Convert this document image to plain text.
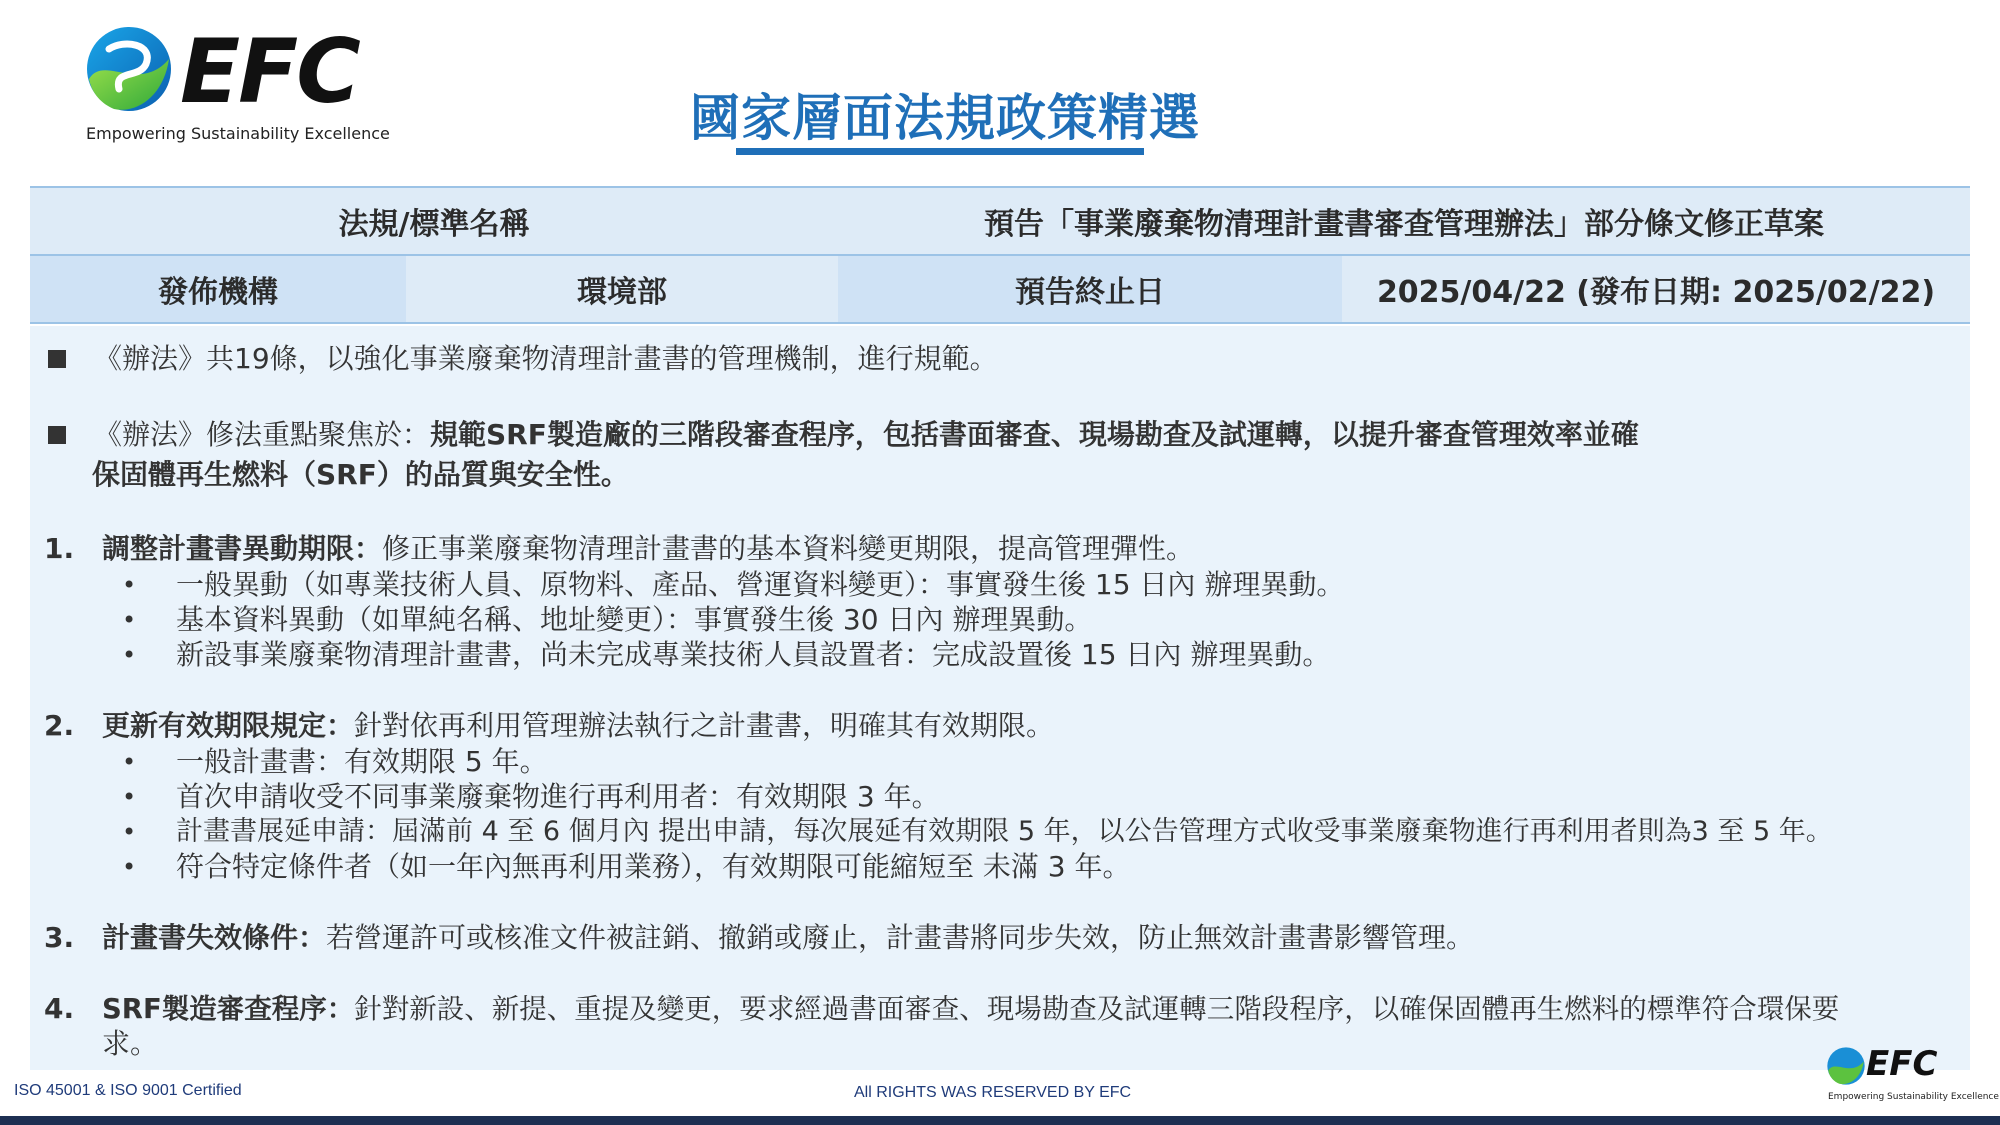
EFC
Empowering Sustainability Excellence	國家層面法規政策精選
法規/標準名稱	預告「事業廢棄物清理計畫書審查管理辦法」部分條文修正草案
發佈機構	環境部	預告終止日	2025/04/22 (發布日期: 2025/02/22)
《辦法》共19條，以強化事業廢棄物清理計畫書的管理機制，進行規範。
《辦法》修法重點聚焦於：規範SRF製造廠的三階段審查程序，包括書面審查、現場勘查及試運轉，以提升審查管理效率並確
保固體再生燃料（SRF）的品質與安全性。
1. 調整計畫書異動期限：修正事業廢棄物清理計畫書的基本資料變更期限，提高管理彈性。
• 一般異動（如專業技術人員、原物料、產品、營運資料變更）：事實發生後 15 日內 辦理異動。
• 基本資料異動（如單純名稱、地址變更）：事實發生後 30 日內 辦理異動。
• 新設事業廢棄物清理計畫書，尚未完成專業技術人員設置者：完成設置後 15 日內 辦理異動。
2. 更新有效期限規定：針對依再利用管理辦法執行之計畫書，明確其有效期限。
• 一般計畫書：有效期限 5 年。
• 首次申請收受不同事業廢棄物進行再利用者：有效期限 3 年。
• 計畫書展延申請：屆滿前 4 至 6 個月內 提出申請，每次展延有效期限 5 年，以公告管理方式收受事業廢棄物進行再利用者則為3 至 5 年。
• 符合特定條件者（如一年內無再利用業務），有效期限可能縮短至 未滿 3 年。
3. 計畫書失效條件：若營運許可或核准文件被註銷、撤銷或廢止，計畫書將同步失效，防止無效計畫書影響管理。
4. SRF製造審查程序：針對新設、新提、重提及變更，要求經過書面審查、現場勘查及試運轉三階段程序，以確保固體再生燃料的標準符合環保要
求。
ISO 45001 & ISO 9001 Certified	All RIGHTS WAS RESERVED BY EFC
EFC
Empowering Sustainability Excellence
